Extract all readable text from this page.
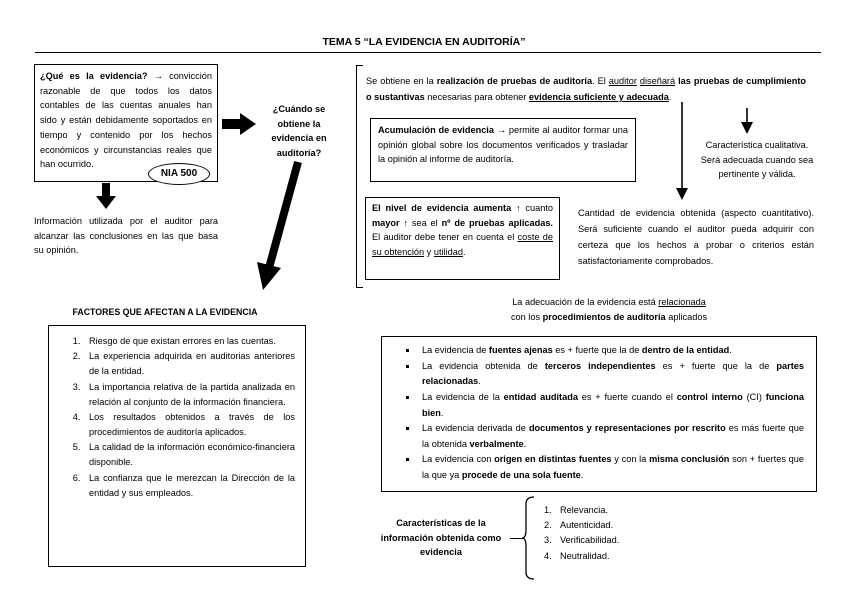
TEMA 5 “LA EVIDENCIA EN AUDITORÍA”
¿Qué es la evidencia? → convicción razonable de que todos los datos contables de las cuentas anuales han sido y están debidamente soportados en tiempo y contenido por los hechos económicos y circunstancias reales que han ocurrido.
NIA 500
Información utilizada por el auditor para alcanzar las conclusiones en las que basa su opinión.
¿Cuándo se obtiene la evidencia en auditoría?
Se obtiene en la realización de pruebas de auditoría. El auditor diseñará las pruebas de cumplimiento o sustantivas necesarias para obtener evidencia suficiente y adecuada.
Acumulación de evidencia → permite al auditor formar una opinión global sobre los documentos verificados y trasladar la opinión al informe de auditoría.
El nivel de evidencia aumenta ↑ cuanto mayor ↑ sea el nº de pruebas aplicadas. El auditor debe tener en cuenta el coste de su obtención y utilidad.
Característica cualitativa. Será adecuada cuando sea pertinente y válida.
Cantidad de evidencia obtenida (aspecto cuantitativo). Será suficiente cuando el auditor pueda adquirir con certeza que los hechos a probar o criterios están satisfactoriamente comprobados.
La adecuación de la evidencia está relacionada
con los procedimientos de auditoría aplicados
FACTORES QUE AFECTAN A LA EVIDENCIA
1. Riesgo de que existan errores en las cuentas.
2. La experiencia adquirida en auditorias anteriores de la entidad.
3. La importancia relativa de la partida analizada en relación al conjunto de la información financiera.
4. Los resultados obtenidos a través de los procedimientos de auditoría aplicados.
5. La calidad de la información económico-financiera disponible.
6. La confianza que le merezcan la Dirección de la entidad y sus empleados.
▪ La evidencia de fuentes ajenas es + fuerte que la de dentro de la entidad.
▪ La evidencia obtenida de terceros independientes es + fuerte que la de partes relacionadas.
▪ La evidencia de la entidad auditada es + fuerte cuando el control interno (CI) funciona bien.
▪ La evidencia derivada de documentos y representaciones por rescrito es más fuerte que la obtenida verbalmente.
▪ La evidencia con origen en distintas fuentes y con la misma conclusión son + fuertes que la que ya procede de una sola fuente.
Características de la información obtenida como evidencia
1. Relevancia.
2. Autenticidad.
3. Verificabilidad.
4. Neutralidad.
